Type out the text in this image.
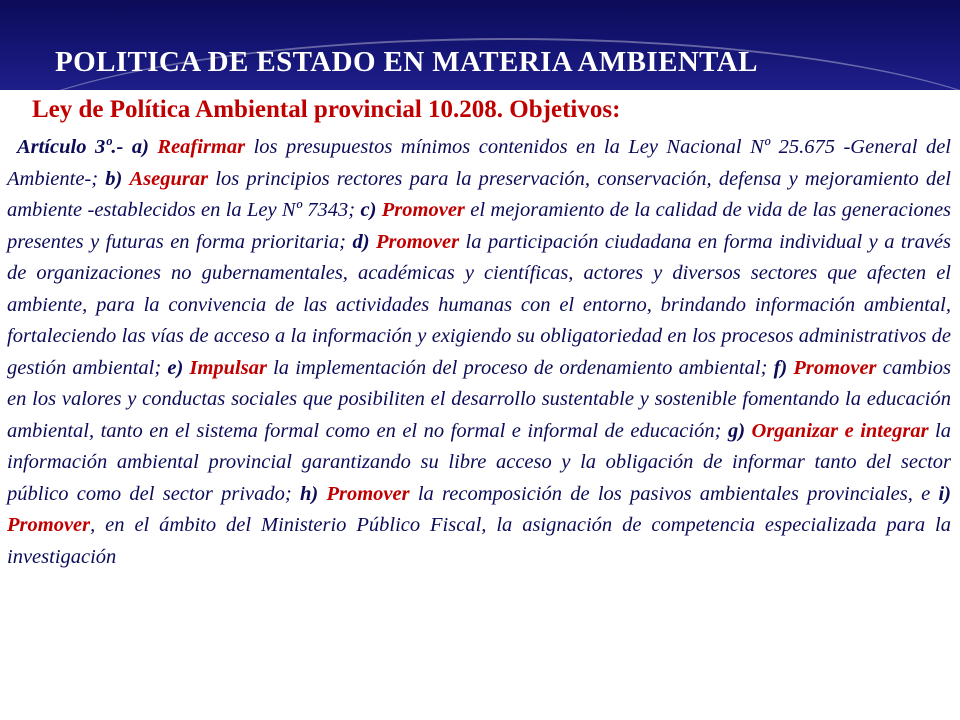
POLITICA DE ESTADO EN MATERIA AMBIENTAL
Ley de Política Ambiental provincial 10.208. Objetivos:

Artículo 3º.- a) Reafirmar los presupuestos mínimos contenidos en la Ley Nacional Nº 25.675 -General del Ambiente-; b) Asegurar los principios rectores para la preservación, conservación, defensa y mejoramiento del ambiente -establecidos en la Ley Nº 7343; c) Promover el mejoramiento de la calidad de vida de las generaciones presentes y futuras en forma prioritaria; d) Promover la participación ciudadana en forma individual y a través de organizaciones no gubernamentales, académicas y científicas, actores y diversos sectores que afecten el ambiente, para la convivencia de las actividades humanas con el entorno, brindando información ambiental, fortaleciendo las vías de acceso a la información y exigiendo su obligatoriedad en los procesos administrativos de gestión ambiental; e) Impulsar la implementación del proceso de ordenamiento ambiental; f) Promover cambios en los valores y conductas sociales que posibiliten el desarrollo sustentable y sostenible fomentando la educación ambiental, tanto en el sistema formal como en el no formal e informal de educación; g) Organizar e integrar la información ambiental provincial garantizando su libre acceso y la obligación de informar tanto del sector público como del sector privado; h) Promover la recomposición de los pasivos ambientales provinciales, e i) Promover, en el ámbito del Ministerio Público Fiscal, la asignación de competencia especializada para la investigación
